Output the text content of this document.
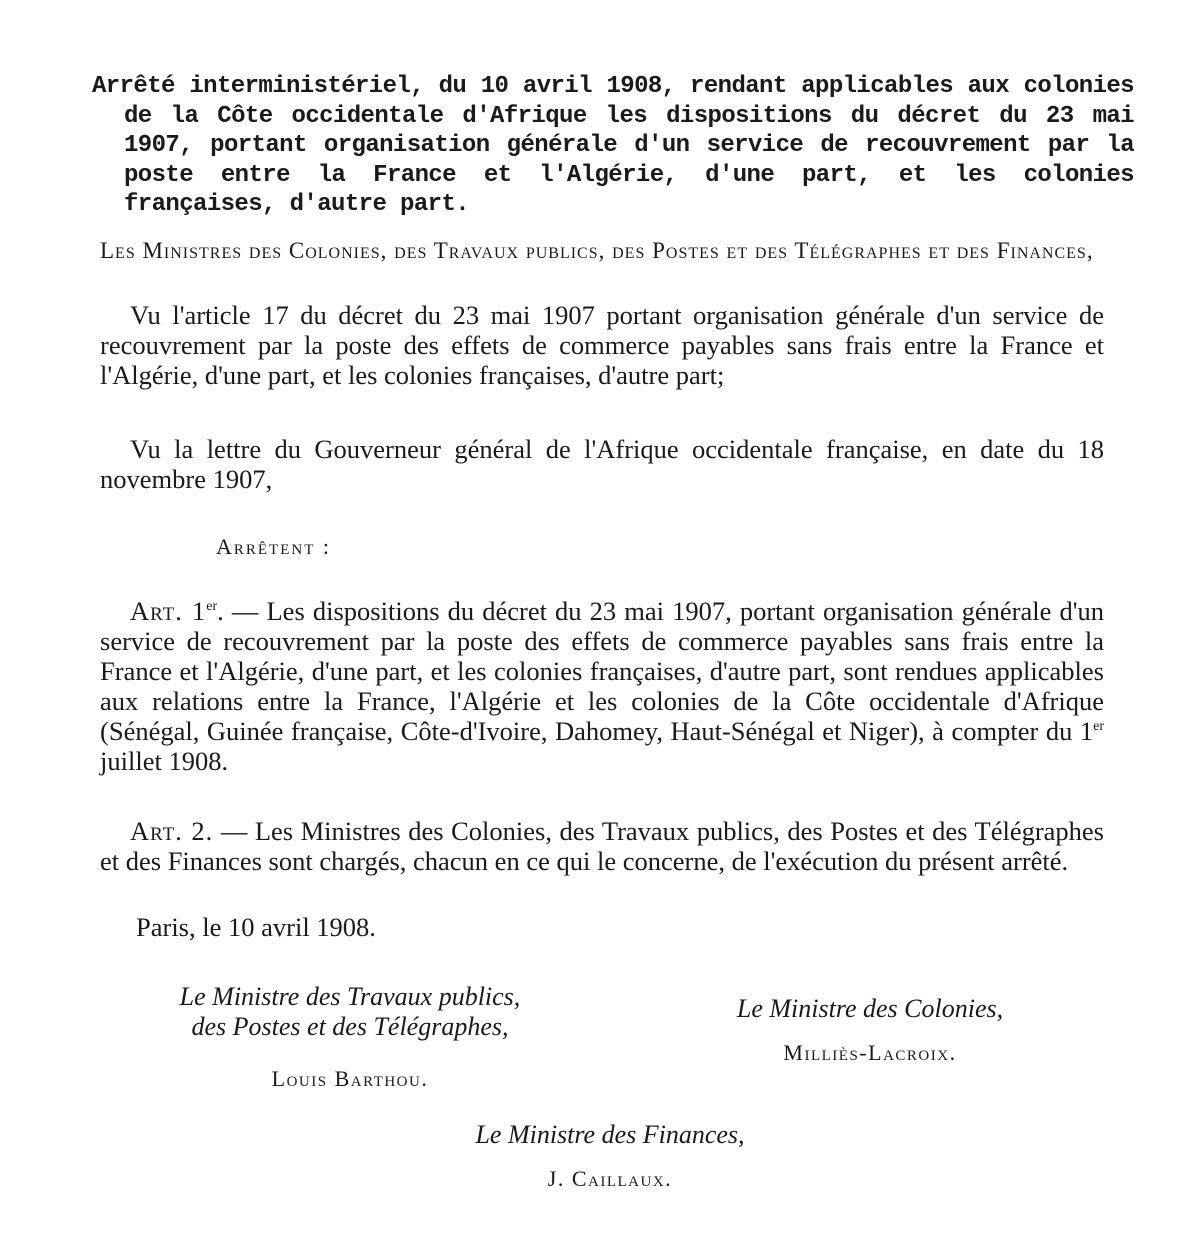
Arrêté interministériel, du 10 avril 1908, rendant applicables aux colonies de la Côte occidentale d'Afrique les dispositions du décret du 23 mai 1907, portant organisation générale d'un service de recouvrement par la poste entre la France et l'Algérie, d'une part, et les colonies françaises, d'autre part.
Les Ministres des Colonies, des Travaux publics, des Postes et des Télégraphes et des Finances,
Vu l'article 17 du décret du 23 mai 1907 portant organisation générale d'un service de recouvrement par la poste des effets de commerce payables sans frais entre la France et l'Algérie, d'une part, et les colonies françaises, d'autre part;
Vu la lettre du Gouverneur général de l'Afrique occidentale française, en date du 18 novembre 1907,
Arrêtent :
Art. 1er. — Les dispositions du décret du 23 mai 1907, portant organisation générale d'un service de recouvrement par la poste des effets de commerce payables sans frais entre la France et l'Algérie, d'une part, et les colonies françaises, d'autre part, sont rendues applicables aux relations entre la France, l'Algérie et les colonies de la Côte occidentale d'Afrique (Sénégal, Guinée française, Côte-d'Ivoire, Dahomey, Haut-Sénégal et Niger), à compter du 1er juillet 1908.
Art. 2. — Les Ministres des Colonies, des Travaux publics, des Postes et des Télégraphes et des Finances sont chargés, chacun en ce qui le concerne, de l'exécution du présent arrêté.
Paris, le 10 avril 1908.
Le Ministre des Travaux publics,
des Postes et des Télégraphes,
Louis Barthou.
Le Ministre des Colonies,
Milliès-Lacroix.
Le Ministre des Finances,
J. Caillaux.
